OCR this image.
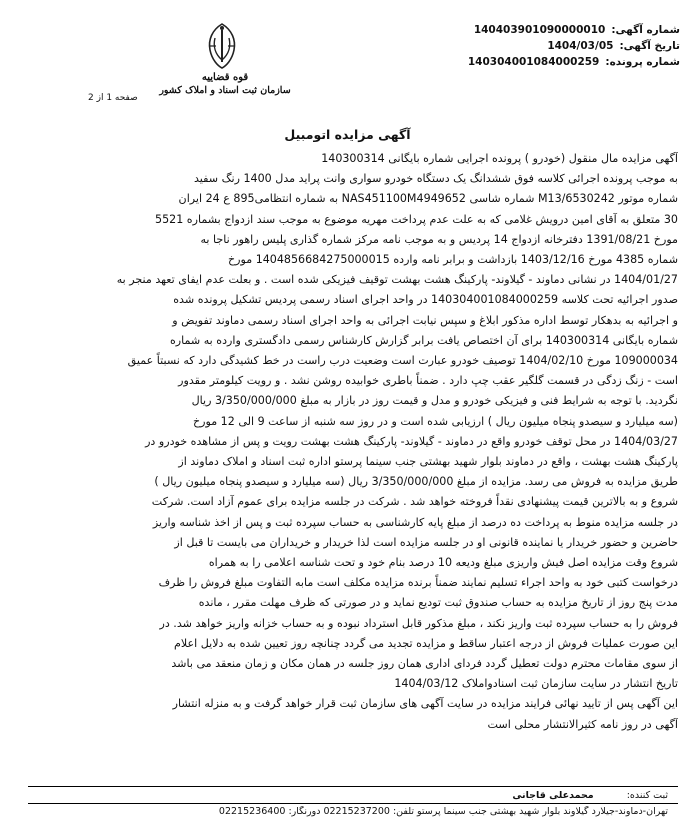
شماره آگهی:
140403901090000010
تاریخ آگهی:
1404/03/05
شماره پرونده:
140304001084000259
قوه قضاییه
سازمان ثبت اسناد و املاک کشور
صفحه 1 از 2
آگهی مزایده اتومبیل
آگهی مزایده مال منقول (خودرو ) پرونده اجرایی شماره بایگانی 140300314
به موجب پرونده اجرائی کلاسه فوق ششدانگ یک دستگاه خودرو سواری وانت پراید مدل 1400 رنگ سفید
شماره موتور M13/6530242 شماره شاسی NAS451100M4949652 به شماره انتظامی895 ع 24 ایران
30 متعلق به آقای امین درویش غلامی که به علت عدم پرداخت مهریه موضوع به موجب سند ازدواج بشماره 5521
مورخ 1391/08/21 دفترخانه ازدواج 14 پردیس و به موجب نامه مرکز شماره گذاری پلیس راهور ناجا به
شماره 4385 مورخ 1403/12/16 بازداشت و برابر نامه وارده 1404856684275000015 مورخ
1404/01/27 در نشانی دماوند - گیلاوند- پارکینگ هشت بهشت توقیف فیزیکی شده است . و بعلت عدم ایفای تعهد منجر به
صدور اجرائیه تحت کلاسه 140304001084000259 در واحد اجرای اسناد رسمی پردیس تشکیل پرونده شده
و اجرائیه به بدهکار توسط اداره مذکور ابلاغ و سپس نیابت اجرائی به واحد اجرای اسناد رسمی دماوند تفویض و
شماره بایگانی 140300314 برای آن اختصاص یافت برابر گزارش کارشناس رسمی دادگستری وارده به شماره
109000034 مورخ 1404/02/10 توصیف خودرو عبارت است وضعیت درب راست در خط کشیدگی دارد که نسبتاً عمیق
است - زنگ زدگی در قسمت گلگیر عقب چپ دارد . ضمناً باطری خوابیده روشن نشد . و رویت کیلومتر مقدور
نگردید. با توجه به شرایط فنی و فیزیکی خودرو و مدل و قیمت روز در بازار به مبلغ 3/350/000/000 ریال
(سه میلیارد و سیصدو پنجاه میلیون ریال ) ارزیابی شده است و در روز سه شنبه از ساعت 9 الی 12 مورخ
1404/03/27 در محل توقف خودرو واقع در دماوند - گیلاوند- پارکینگ هشت بهشت رویت و پس از مشاهده خودرو در
پارکینگ هشت بهشت ، واقع در دماوند بلوار شهید بهشتی جنب سینما پرستو اداره ثبت اسناد و املاک دماوند از
طریق مزایده به فروش می رسد. مزایده از مبلغ 3/350/000/000 ریال (سه میلیارد و سیصدو پنجاه میلیون ریال )
شروع و به بالاترین قیمت پیشنهادی نقداً فروخته خواهد شد . شرکت در جلسه مزایده برای عموم آزاد است. شرکت
در جلسه مزایده منوط به پرداخت ده درصد از مبلغ پایه کارشناسی به حساب سپرده ثبت و پس از اخذ شناسه واریز
حاضرین و حضور خریدار یا نماینده قانونی او در جلسه مزایده است لذا خریدار و خریداران می بایست تا قبل از
شروع وقت مزایده اصل فیش واریزی مبلغ ودیعه 10 درصد بنام خود و تحت شناسه اعلامی را به همراه
درخواست کتبی خود به واحد اجراء تسلیم نمایند ضمناً برنده مزایده مکلف است مابه التفاوت مبلغ فروش را ظرف
مدت پنج روز از تاریخ مزایده به حساب صندوق ثبت تودیع نماید و در صورتی که ظرف مهلت مقرر ، مانده
فروش را به حساب سپرده ثبت واریز نکند ، مبلغ مذکور قابل استرداد نبوده و به حساب خزانه واریز خواهد شد. در
این صورت عملیات فروش از درجه اعتبار ساقط و مزایده تجدید می گردد چنانچه روز تعیین شده به دلایل اعلام
از سوی مقامات محترم دولت تعطیل گردد فردای اداری همان روز جلسه در همان مکان و زمان منعقد می باشد
تاریخ انتشار در سایت سازمان ثبت اسنادواملاک 1404/03/12
این آگهی پس از تایید نهائی فرایند مزایده در سایت آگهی های سازمان ثبت قرار خواهد گرفت و به منزله انتشار
آگهی در روز نامه کثیرالانتشار محلی است
ثبت کننده: محمدعلی قاجانی
تهران-دماوند-جیلارد گیلاوند بلوار شهید بهشتی جنب سینما پرستو تلفن: 02215237200 دورنگار: 02215236400
